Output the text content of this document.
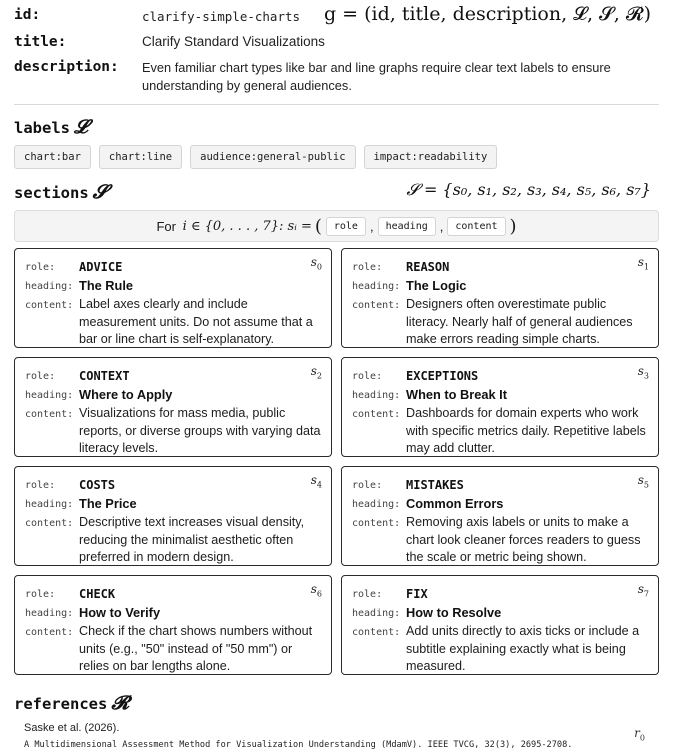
id:	clarify-simple-charts g = (id, title, description, 𝓛, 𝓢, 𝓡)
title:	Clarify Standard Visualizations
description:	Even familiar chart types like bar and line graphs require clear text labels to ensure understanding by general audiences.
labels 𝓛
chart:bar	chart:line	audience:general-public	impact:readability
sections 𝓢	𝓢 = {s₀, s₁, s₂, s₃, s₄, s₅, s₆, s₇}
For
i ∈ {0, . . . , 7}: sᵢ = (	role ,	heading ,	content )
$s_0$
role:	ADVICE
heading: The Rule
content: Label axes clearly and include measurement units. Do not assume that a bar or line chart is self-explanatory.
$s_1$
role:	REASON
heading: The Logic
content: Designers often overestimate public literacy. Nearly half of general audiences make errors reading simple charts.
$s_2$
role:	CONTEXT
heading: Where to Apply
content: Visualizations for mass media, public reports, or diverse groups with varying data literacy levels.
$s_3$
role:	EXCEPTIONS
heading: When to Break It
content: Dashboards for domain experts who work with specific metrics daily. Repetitive labels may add clutter.
$s_4$
role:	COSTS
heading: The Price
content: Descriptive text increases visual density, reducing the minimalist aesthetic often preferred in modern design.
$s_5$
role:	MISTAKES
heading: Common Errors
content: Removing axis labels or units to make a chart look cleaner forces readers to guess the scale or metric being shown.
$s_6$
role:	CHECK
heading: How to Verify
content: Check if the chart shows numbers without units (e.g., "50" instead of "50 mm") or relies on bar lengths alone.
$s_7$
role:	FIX
heading: How to Resolve
content: Add units directly to axis ticks or include a subtitle explaining exactly what is being measured.
references 𝓡
Saske et al. (2026).
A Multidimensional Assessment Method for Visualization Understanding (MdamV). IEEE TVCG, 32(3), 2695-2708.
$r_0$
